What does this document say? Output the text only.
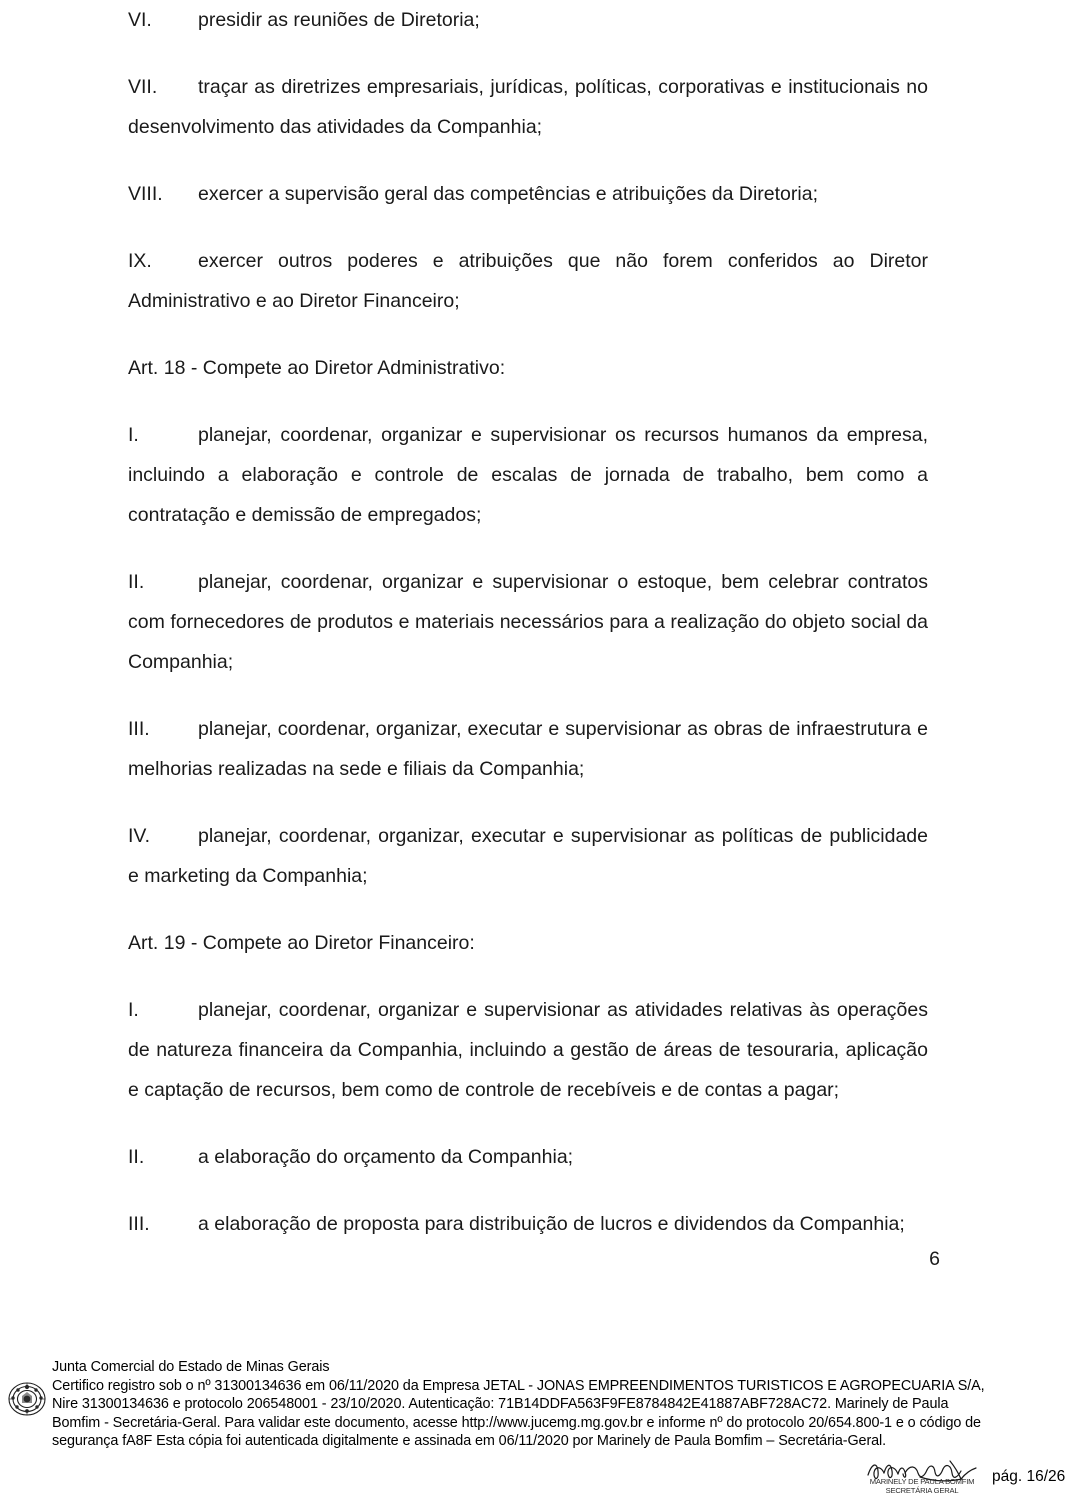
VI. presidir as reuniões de Diretoria;

VII. traçar as diretrizes empresariais, jurídicas, políticas, corporativas e institucionais no desenvolvimento das atividades da Companhia;

VIII. exercer a supervisão geral das competências e atribuições da Diretoria;

IX. exercer outros poderes e atribuições que não forem conferidos ao Diretor Administrativo e ao Diretor Financeiro;

Art. 18 - Compete ao Diretor Administrativo:

I.	planejar, coordenar, organizar e supervisionar os recursos humanos da empresa, incluindo a elaboração e controle de escalas de jornada de trabalho, bem como a contratação e demissão de empregados;

II.	planejar, coordenar, organizar e supervisionar o estoque, bem celebrar contratos com fornecedores de produtos e materiais necessários para a realização do objeto social da Companhia;

III. planejar, coordenar, organizar, executar e supervisionar as obras de infraestrutura e melhorias realizadas na sede e filiais da Companhia;

IV. planejar, coordenar, organizar, executar e supervisionar as políticas de publicidade e marketing da Companhia;

Art. 19 - Compete ao Diretor Financeiro:

I.	planejar, coordenar, organizar e supervisionar as atividades relativas às operações de natureza financeira da Companhia, incluindo a gestão de áreas de tesouraria, aplicação e captação de recursos, bem como de controle de recebíveis e de contas a pagar;

II.	a elaboração do orçamento da Companhia;

III. a elaboração de proposta para distribuição de lucros e dividendos da Companhia;

6
Junta Comercial do Estado de Minas Gerais
Certifico registro sob o nº 31300134636 em 06/11/2020 da Empresa JETAL - JONAS EMPREENDIMENTOS TURISTICOS E AGROPECUARIA S/A,
Nire 31300134636 e protocolo 206548001 - 23/10/2020. Autenticação: 71B14DDFA563F9FE8784842E41887ABF728AC72. Marinely de Paula
Bomfim - Secretária-Geral. Para validar este documento, acesse http://www.jucemg.mg.gov.br e informe nº do protocolo 20/654.800-1 e o código de
segurança fA8F Esta cópia foi autenticada digitalmente e assinada em 06/11/2020 por Marinely de Paula Bomfim – Secretária-Geral.
MARINELY DE PAULA BOMFIM
SECRETÁRIA GERAL
pág. 16/26
